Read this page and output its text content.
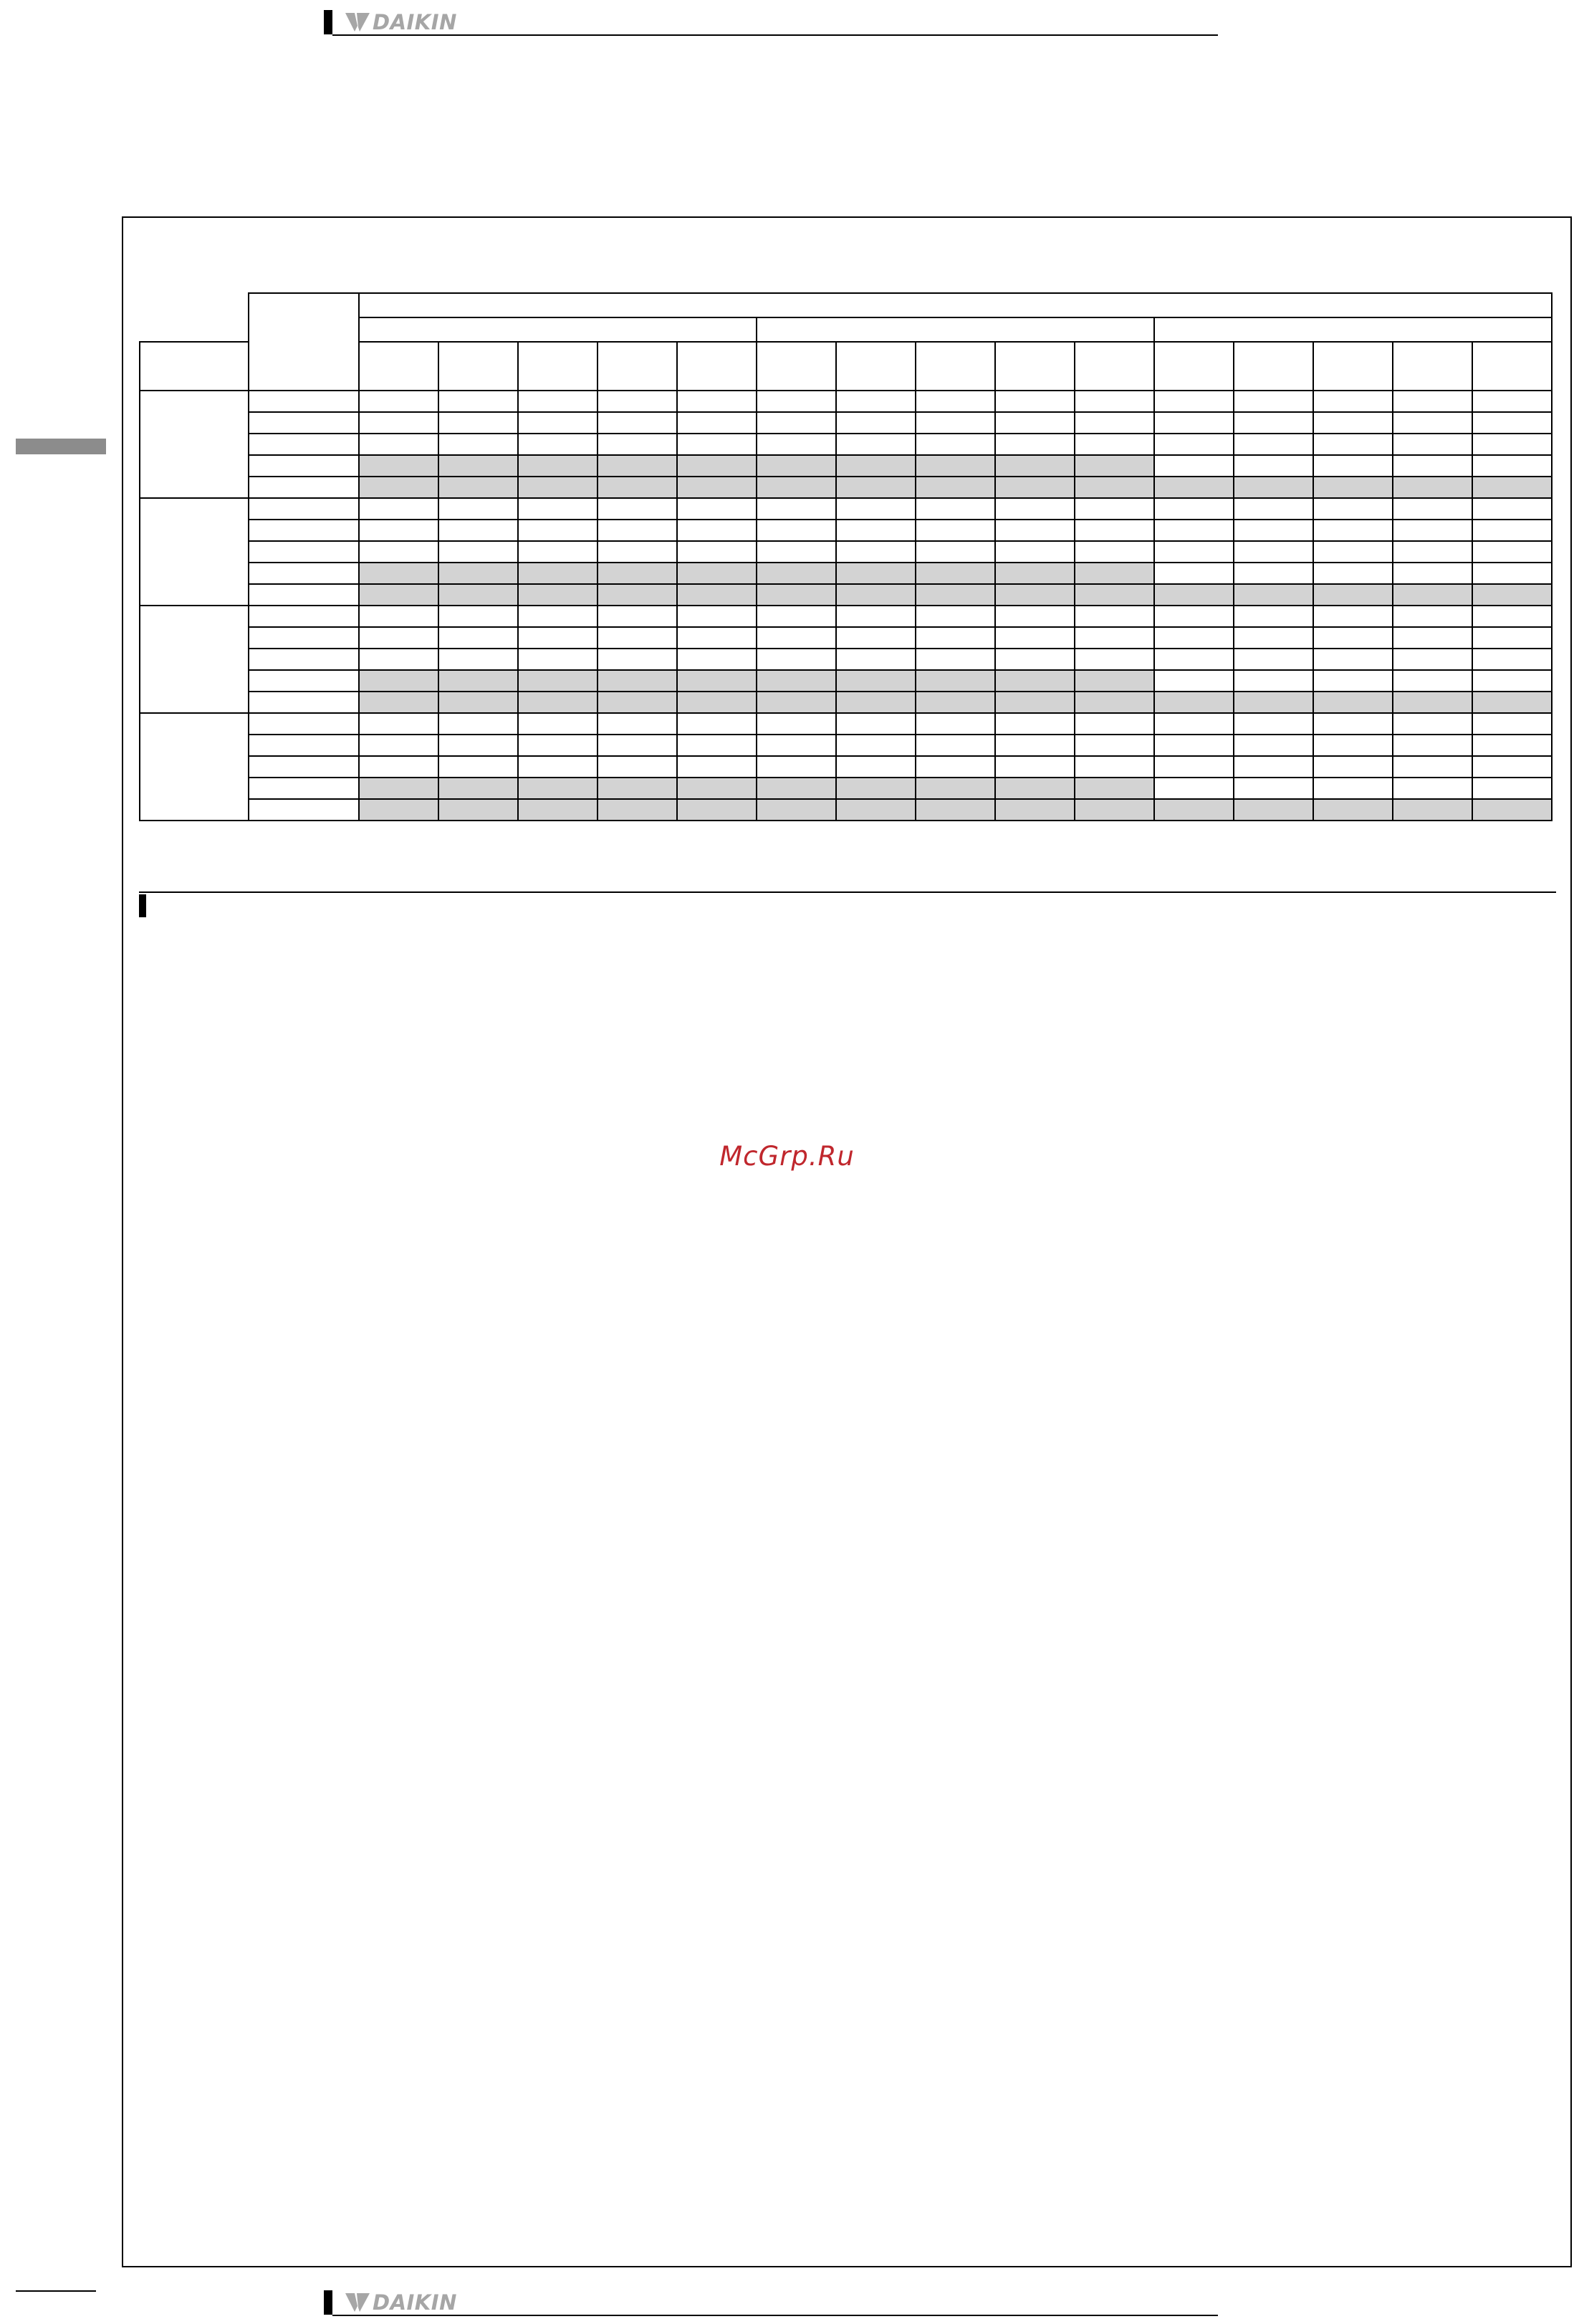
DAIKIN

McGrp.Ru
DAIKIN
